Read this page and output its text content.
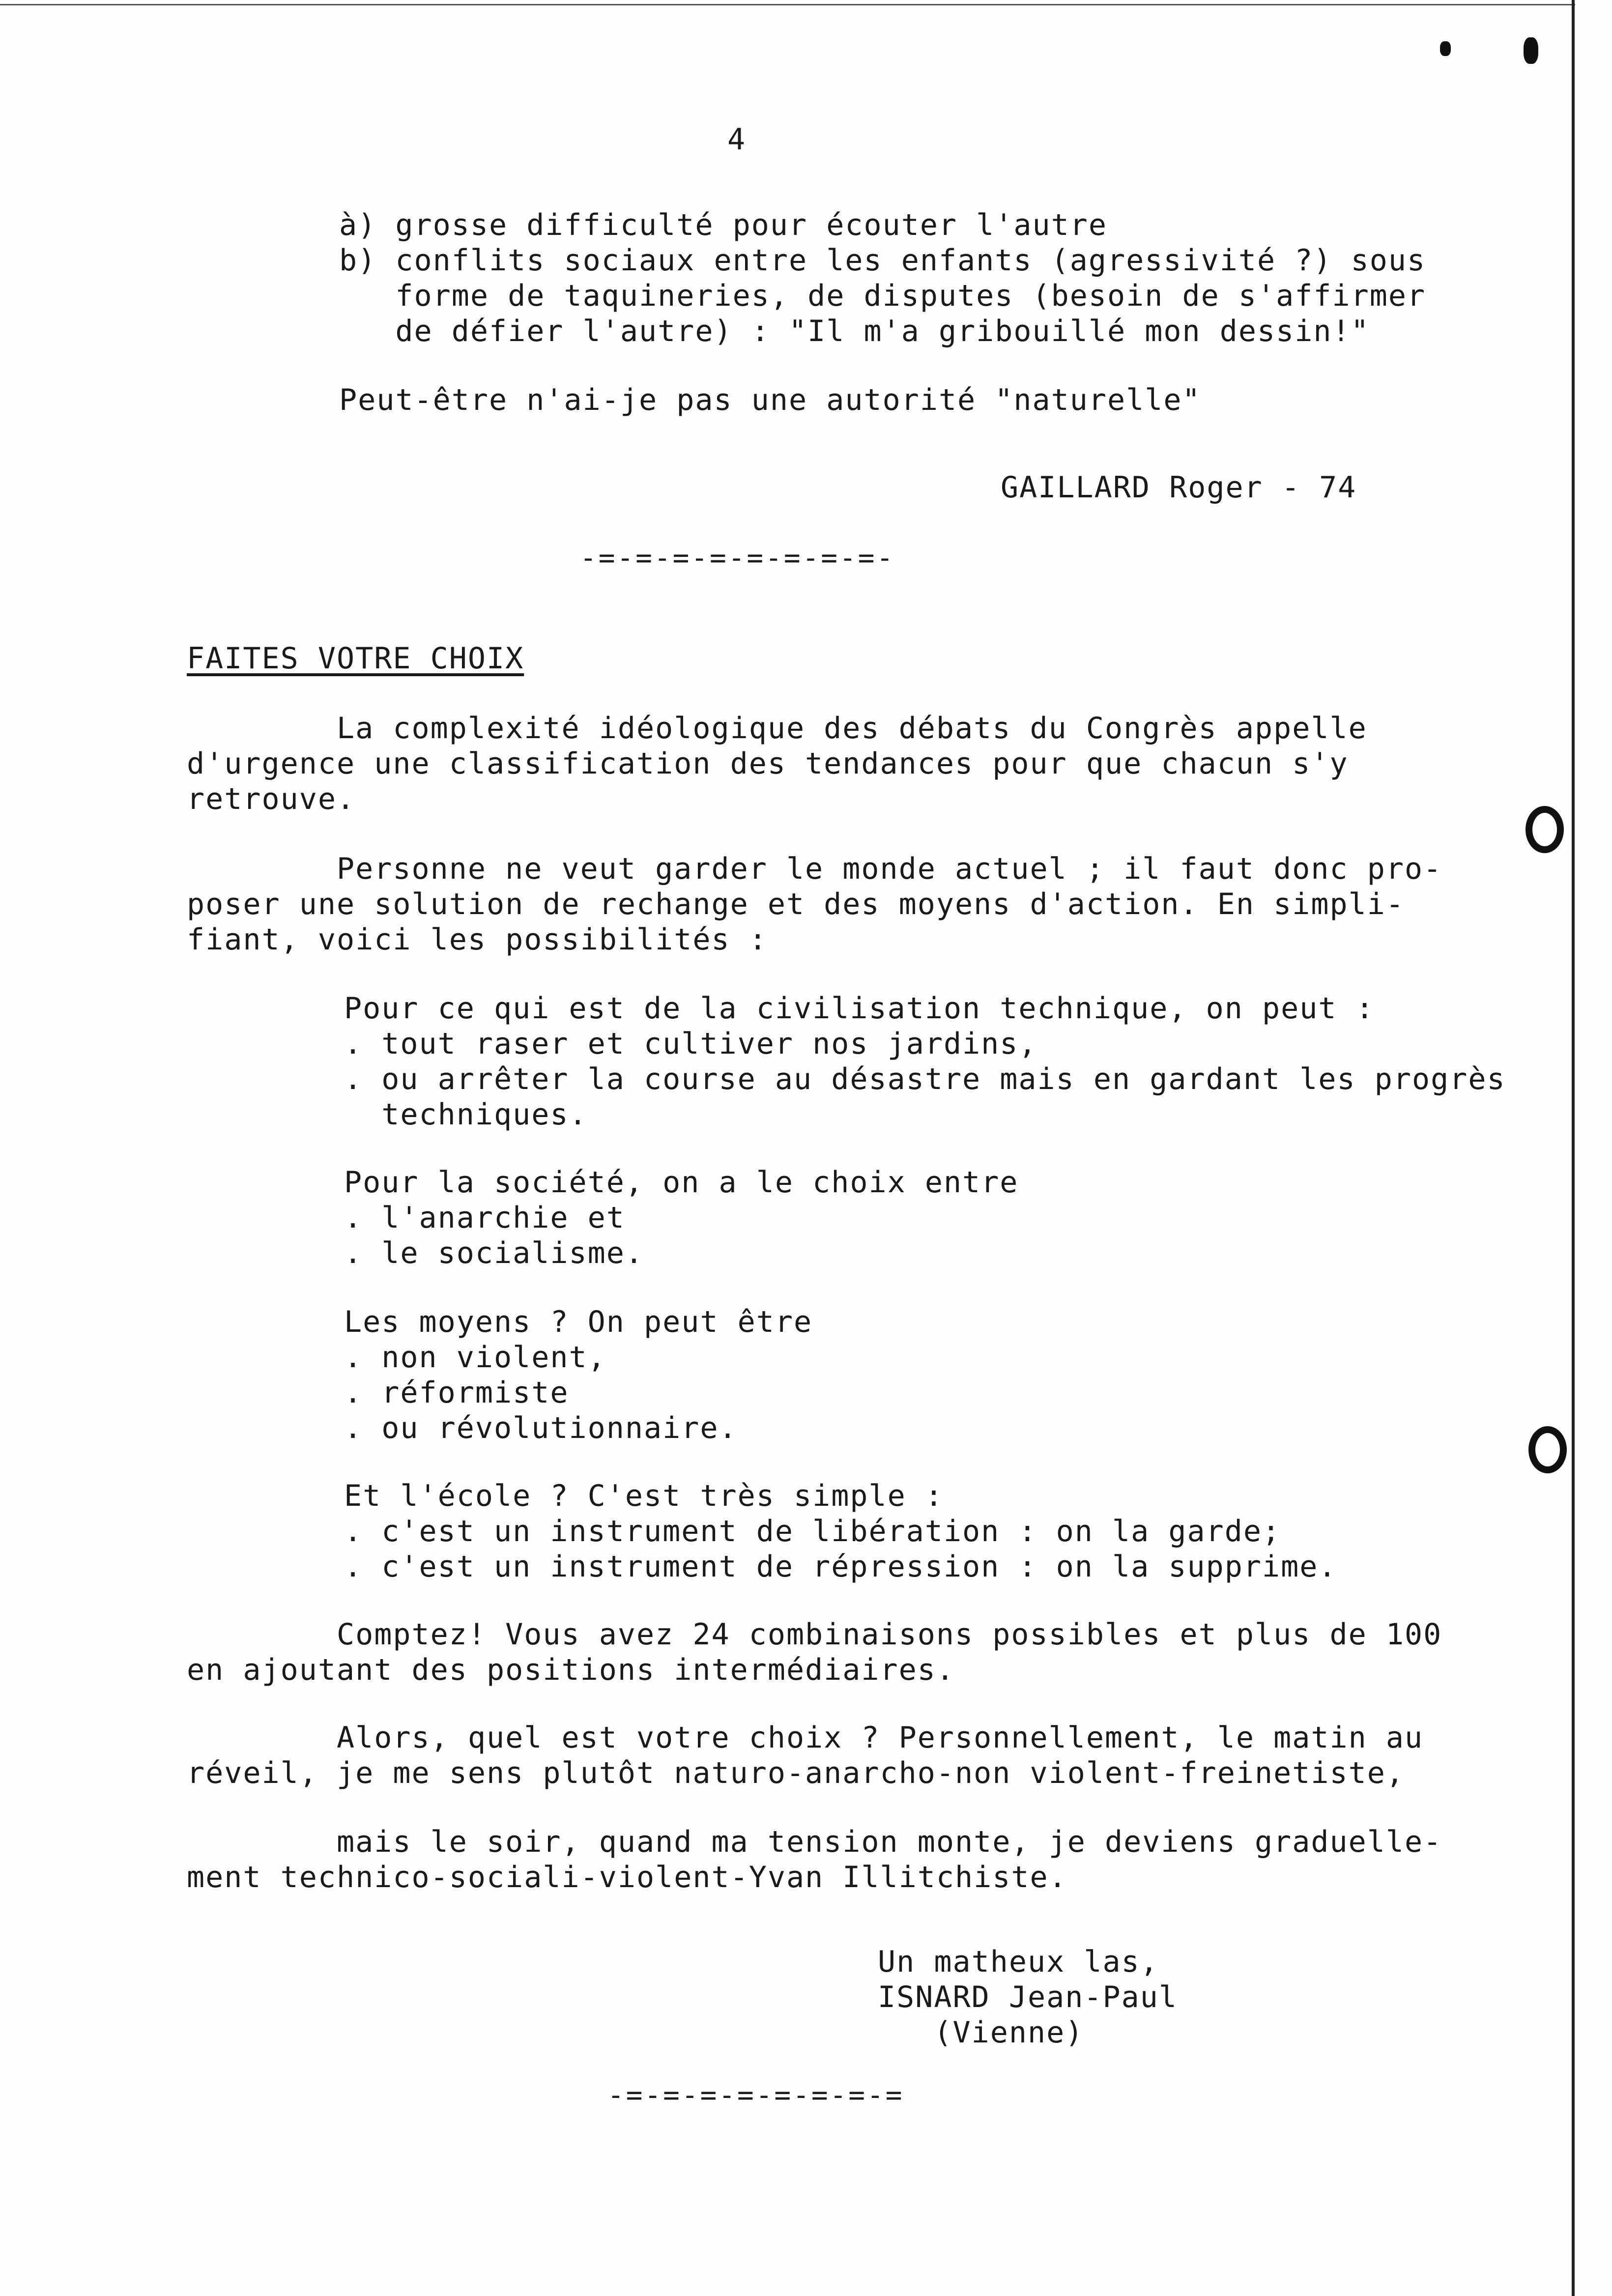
4
à) grosse difficulté pour écouter l'autre
b) conflits sociaux entre les enfants (agressivité ?) sous
forme de taquineries, de disputes (besoin de s'affirmer
de défier l'autre) : "Il m'a gribouillé mon dessin!"
Peut-être n'ai-je pas une autorité "naturelle"
GAILLARD Roger - 74
-=-=-=-=-=-=-=-=-
FAITES VOTRE CHOIX
La complexité idéologique des débats du Congrès appelle
d'urgence une classification des tendances pour que chacun s'y
retrouve.
Personne ne veut garder le monde actuel ; il faut donc pro-
poser une solution de rechange et des moyens d'action. En simpli-
fiant, voici les possibilités :
Pour ce qui est de la civilisation technique, on peut :
. tout raser et cultiver nos jardins,
. ou arrêter la course au désastre mais en gardant les progrès
techniques.
Pour la société, on a le choix entre
. l'anarchie et
. le socialisme.
Les moyens ? On peut être
. non violent,
. réformiste
. ou révolutionnaire.
Et l'école ? C'est très simple :
. c'est un instrument de libération : on la garde;
. c'est un instrument de répression : on la supprime.
Comptez! Vous avez 24 combinaisons possibles et plus de 100
en ajoutant des positions intermédiaires.
Alors, quel est votre choix ? Personnellement, le matin au
réveil, je me sens plutôt naturo-anarcho-non violent-freinetiste,
mais le soir, quand ma tension monte, je deviens graduelle-
ment technico-sociali-violent-Yvan Illitchiste.
Un matheux las,
ISNARD Jean-Paul
(Vienne)
-=-=-=-=-=-=-=-=
